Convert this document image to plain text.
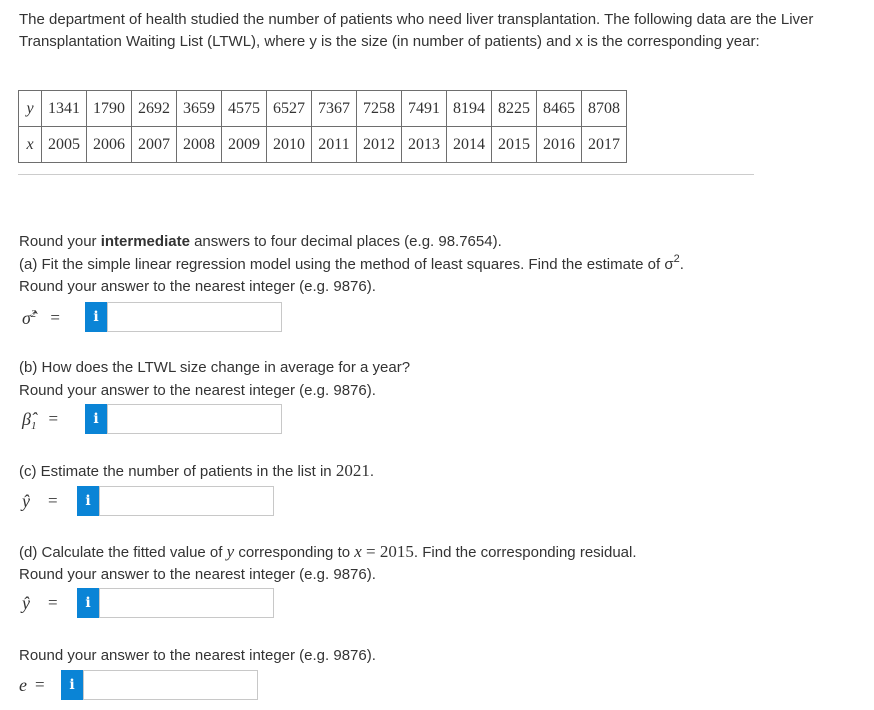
The department of health studied the number of patients who need liver transplantation. The following data are the Liver Transplantation Waiting List (LTWL), where y is the size (in number of patients) and x is the corresponding year:
y	1341	1790	2692	3659	4575	6527	7367	7258	7491	8194	8225	8465	8708
x	2005	2006	2007	2008	2009	2010	2011	2012	2013	2014	2015	2016	2017
Round your intermediate answers to four decimal places (e.g. 98.7654).
(a) Fit the simple linear regression model using the method of least squares. Find the estimate of $\sigma^2$.
Round your answer to the nearest integer (e.g. 9876).
σ̂$^2$ =	i
(b) How does the LTWL size change in average for a year?
Round your answer to the nearest integer (e.g. 9876).
$\betâ_1$ =	i
(c) Estimate the number of patients in the list in 2021.
ŷ =	i
(d) Calculate the fitted value of y corresponding to x = 2015. Find the corresponding residual.
Round your answer to the nearest integer (e.g. 9876).
ŷ =	i
Round your answer to the nearest integer (e.g. 9876).
e =	i
